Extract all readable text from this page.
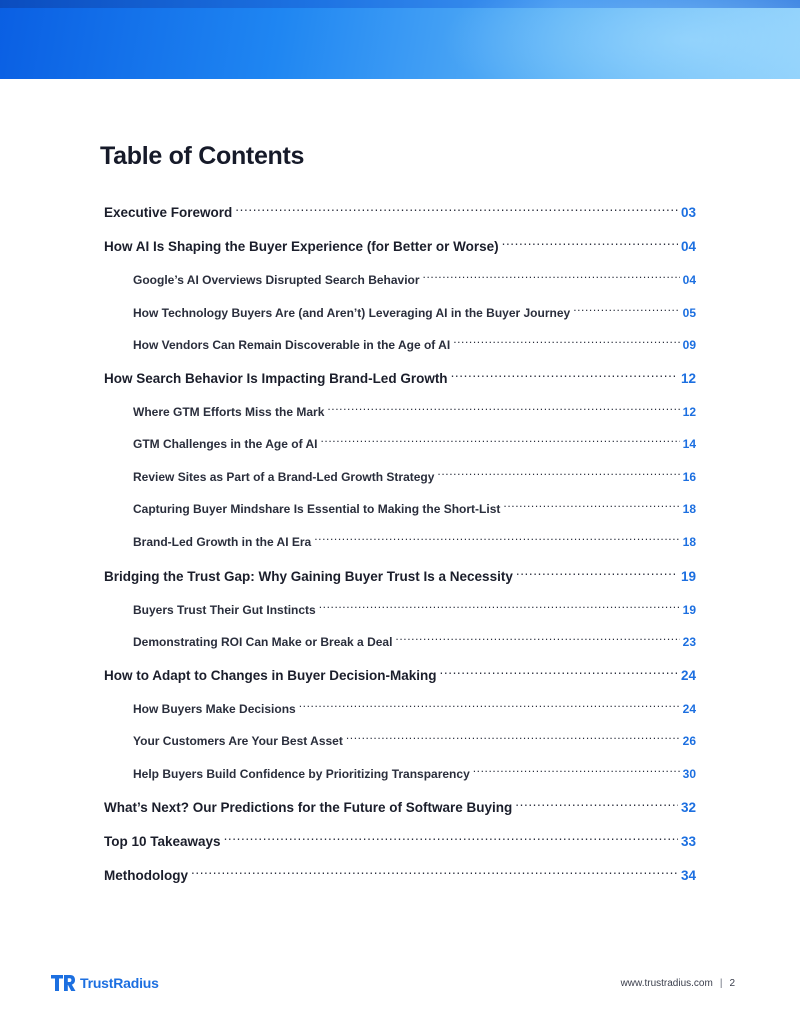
Table of Contents
Executive Foreword .....	03
How AI Is Shaping the Buyer Experience (for Better or Worse) .....	04
Google’s AI Overviews Disrupted Search Behavior .....	04
How Technology Buyers Are (and Aren’t) Leveraging AI in the Buyer Journey .....	05
How Vendors Can Remain Discoverable in the Age of AI .....	09
How Search Behavior Is Impacting Brand-Led Growth .....	12
Where GTM Efforts Miss the Mark .....	12
GTM Challenges in the Age of AI .....	14
Review Sites as Part of a Brand-Led Growth Strategy .....	16
Capturing Buyer Mindshare Is Essential to Making the Short-List .....	18
Brand-Led Growth in the AI Era .....	18
Bridging the Trust Gap: Why Gaining Buyer Trust Is a Necessity .....	19
Buyers Trust Their Gut Instincts .....	19
Demonstrating ROI Can Make or Break a Deal .....	23
How to Adapt to Changes in Buyer Decision-Making .....	24
How Buyers Make Decisions .....	24
Your Customers Are Your Best Asset .....	26
Help Buyers Build Confidence by Prioritizing Transparency .....	30
What’s Next? Our Predictions for the Future of Software Buying .....	32
Top 10 Takeaways .....	33
Methodology .....	34
TrustRadius	www.trustradius.com | 2
